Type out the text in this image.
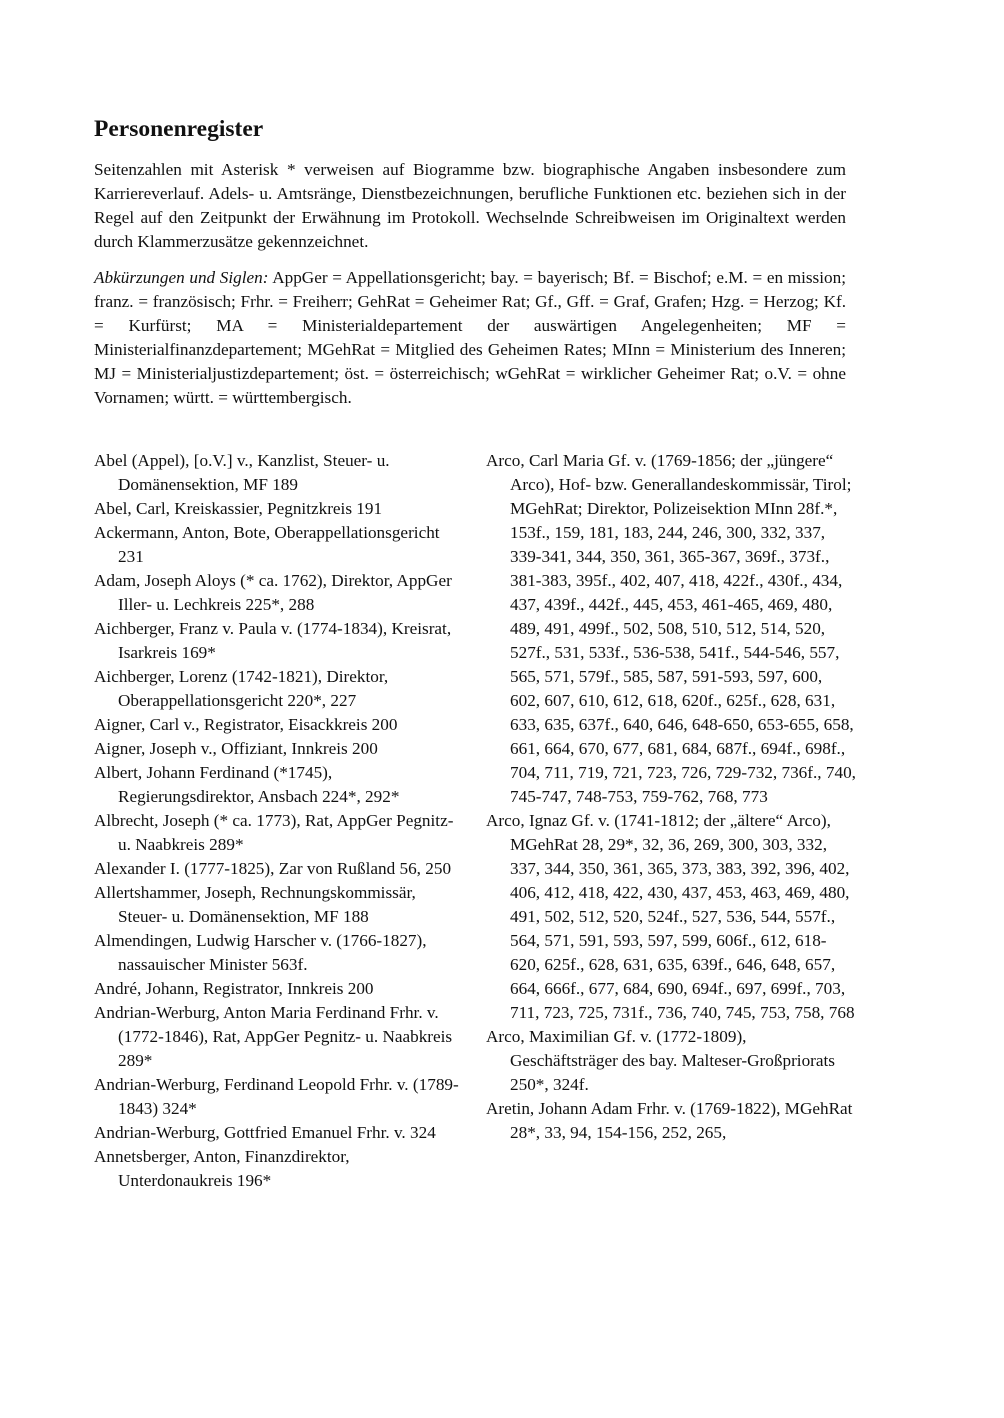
Personenregister

Seitenzahlen mit Asterisk * verweisen auf Biogramme bzw. biographische Angaben insbesondere zum Karriereverlauf. Adels- u. Amtsränge, Dienstbezeichnungen, berufliche Funktionen etc. beziehen sich in der Regel auf den Zeitpunkt der Erwähnung im Protokoll. Wechselnde Schreibweisen im Originaltext werden durch Klammerzusätze gekennzeichnet.

Abkürzungen und Siglen: AppGer = Appellationsgericht; bay. = bayerisch; Bf. = Bischof; e.M. = en mission; franz. = französisch; Frhr. = Freiherr; GehRat = Geheimer Rat; Gf., Gff. = Graf, Grafen; Hzg. = Herzog; Kf. = Kurfürst; MA = Ministerialdepartement der auswärtigen Angelegenheiten; MF = Ministerialfinanzdepartement; MGehRat = Mitglied des Geheimen Rates; MInn = Ministerium des Inneren; MJ = Ministerialjustizdepartement; öst. = österreichisch; wGehRat = wirklicher Geheimer Rat; o.V. = ohne Vornamen; württ. = württembergisch.

Abel (Appel), [o.V.] v., Kanzlist, Steuer- u. Domänensektion, MF 189

Abel, Carl, Kreiskassier, Pegnitzkreis 191

Ackermann, Anton, Bote, Oberappellationsgericht 231

Adam, Joseph Aloys (* ca. 1762), Direktor, AppGer Iller- u. Lechkreis 225*, 288

Aichberger, Franz v. Paula v. (1774-1834), Kreisrat, Isarkreis 169*

Aichberger, Lorenz (1742-1821), Direktor, Oberappellationsgericht 220*, 227

Aigner, Carl v., Registrator, Eisackkreis 200

Aigner, Joseph v., Offiziant, Innkreis 200

Albert, Johann Ferdinand (*1745), Regierungsdirektor, Ansbach 224*, 292*

Albrecht, Joseph (* ca. 1773), Rat, AppGer Pegnitz- u. Naabkreis 289*

Alexander I. (1777-1825), Zar von Rußland 56, 250

Allertshammer, Joseph, Rechnungskommissär, Steuer- u. Domänensektion, MF 188

Almendingen, Ludwig Harscher v. (1766-1827), nassauischer Minister 563f.

André, Johann, Registrator, Innkreis 200

Andrian-Werburg, Anton Maria Ferdinand Frhr. v. (1772-1846), Rat, AppGer Pegnitz- u. Naabkreis 289*

Andrian-Werburg, Ferdinand Leopold Frhr. v. (1789-1843) 324*

Andrian-Werburg, Gottfried Emanuel Frhr. v. 324

Annetsberger, Anton, Finanzdirektor, Unterdonaukreis 196*

Arco, Carl Maria Gf. v. (1769-1856; der „jüngere“ Arco), Hof- bzw. Generallandeskommissär, Tirol; MGehRat; Direktor, Polizeisektion MInn 28f.*, 153f., 159, 181, 183, 244, 246, 300, 332, 337, 339-341, 344, 350, 361, 365-367, 369f., 373f., 381-383, 395f., 402, 407, 418, 422f., 430f., 434, 437, 439f., 442f., 445, 453, 461-465, 469, 480, 489, 491, 499f., 502, 508, 510, 512, 514, 520, 527f., 531, 533f., 536-538, 541f., 544-546, 557, 565, 571, 579f., 585, 587, 591-593, 597, 600, 602, 607, 610, 612, 618, 620f., 625f., 628, 631, 633, 635, 637f., 640, 646, 648-650, 653-655, 658, 661, 664, 670, 677, 681, 684, 687f., 694f., 698f., 704, 711, 719, 721, 723, 726, 729-732, 736f., 740, 745-747, 748-753, 759-762, 768, 773

Arco, Ignaz Gf. v. (1741-1812; der „ältere“ Arco), MGehRat 28, 29*, 32, 36, 269, 300, 303, 332, 337, 344, 350, 361, 365, 373, 383, 392, 396, 402, 406, 412, 418, 422, 430, 437, 453, 463, 469, 480, 491, 502, 512, 520, 524f., 527, 536, 544, 557f., 564, 571, 591, 593, 597, 599, 606f., 612, 618-620, 625f., 628, 631, 635, 639f., 646, 648, 657, 664, 666f., 677, 684, 690, 694f., 697, 699f., 703, 711, 723, 725, 731f., 736, 740, 745, 753, 758, 768

Arco, Maximilian Gf. v. (1772-1809), Geschäftsträger des bay. Malteser-Großpriorats 250*, 324f.

Aretin, Johann Adam Frhr. v. (1769-1822), MGehRat 28*, 33, 94, 154-156, 252, 265,
